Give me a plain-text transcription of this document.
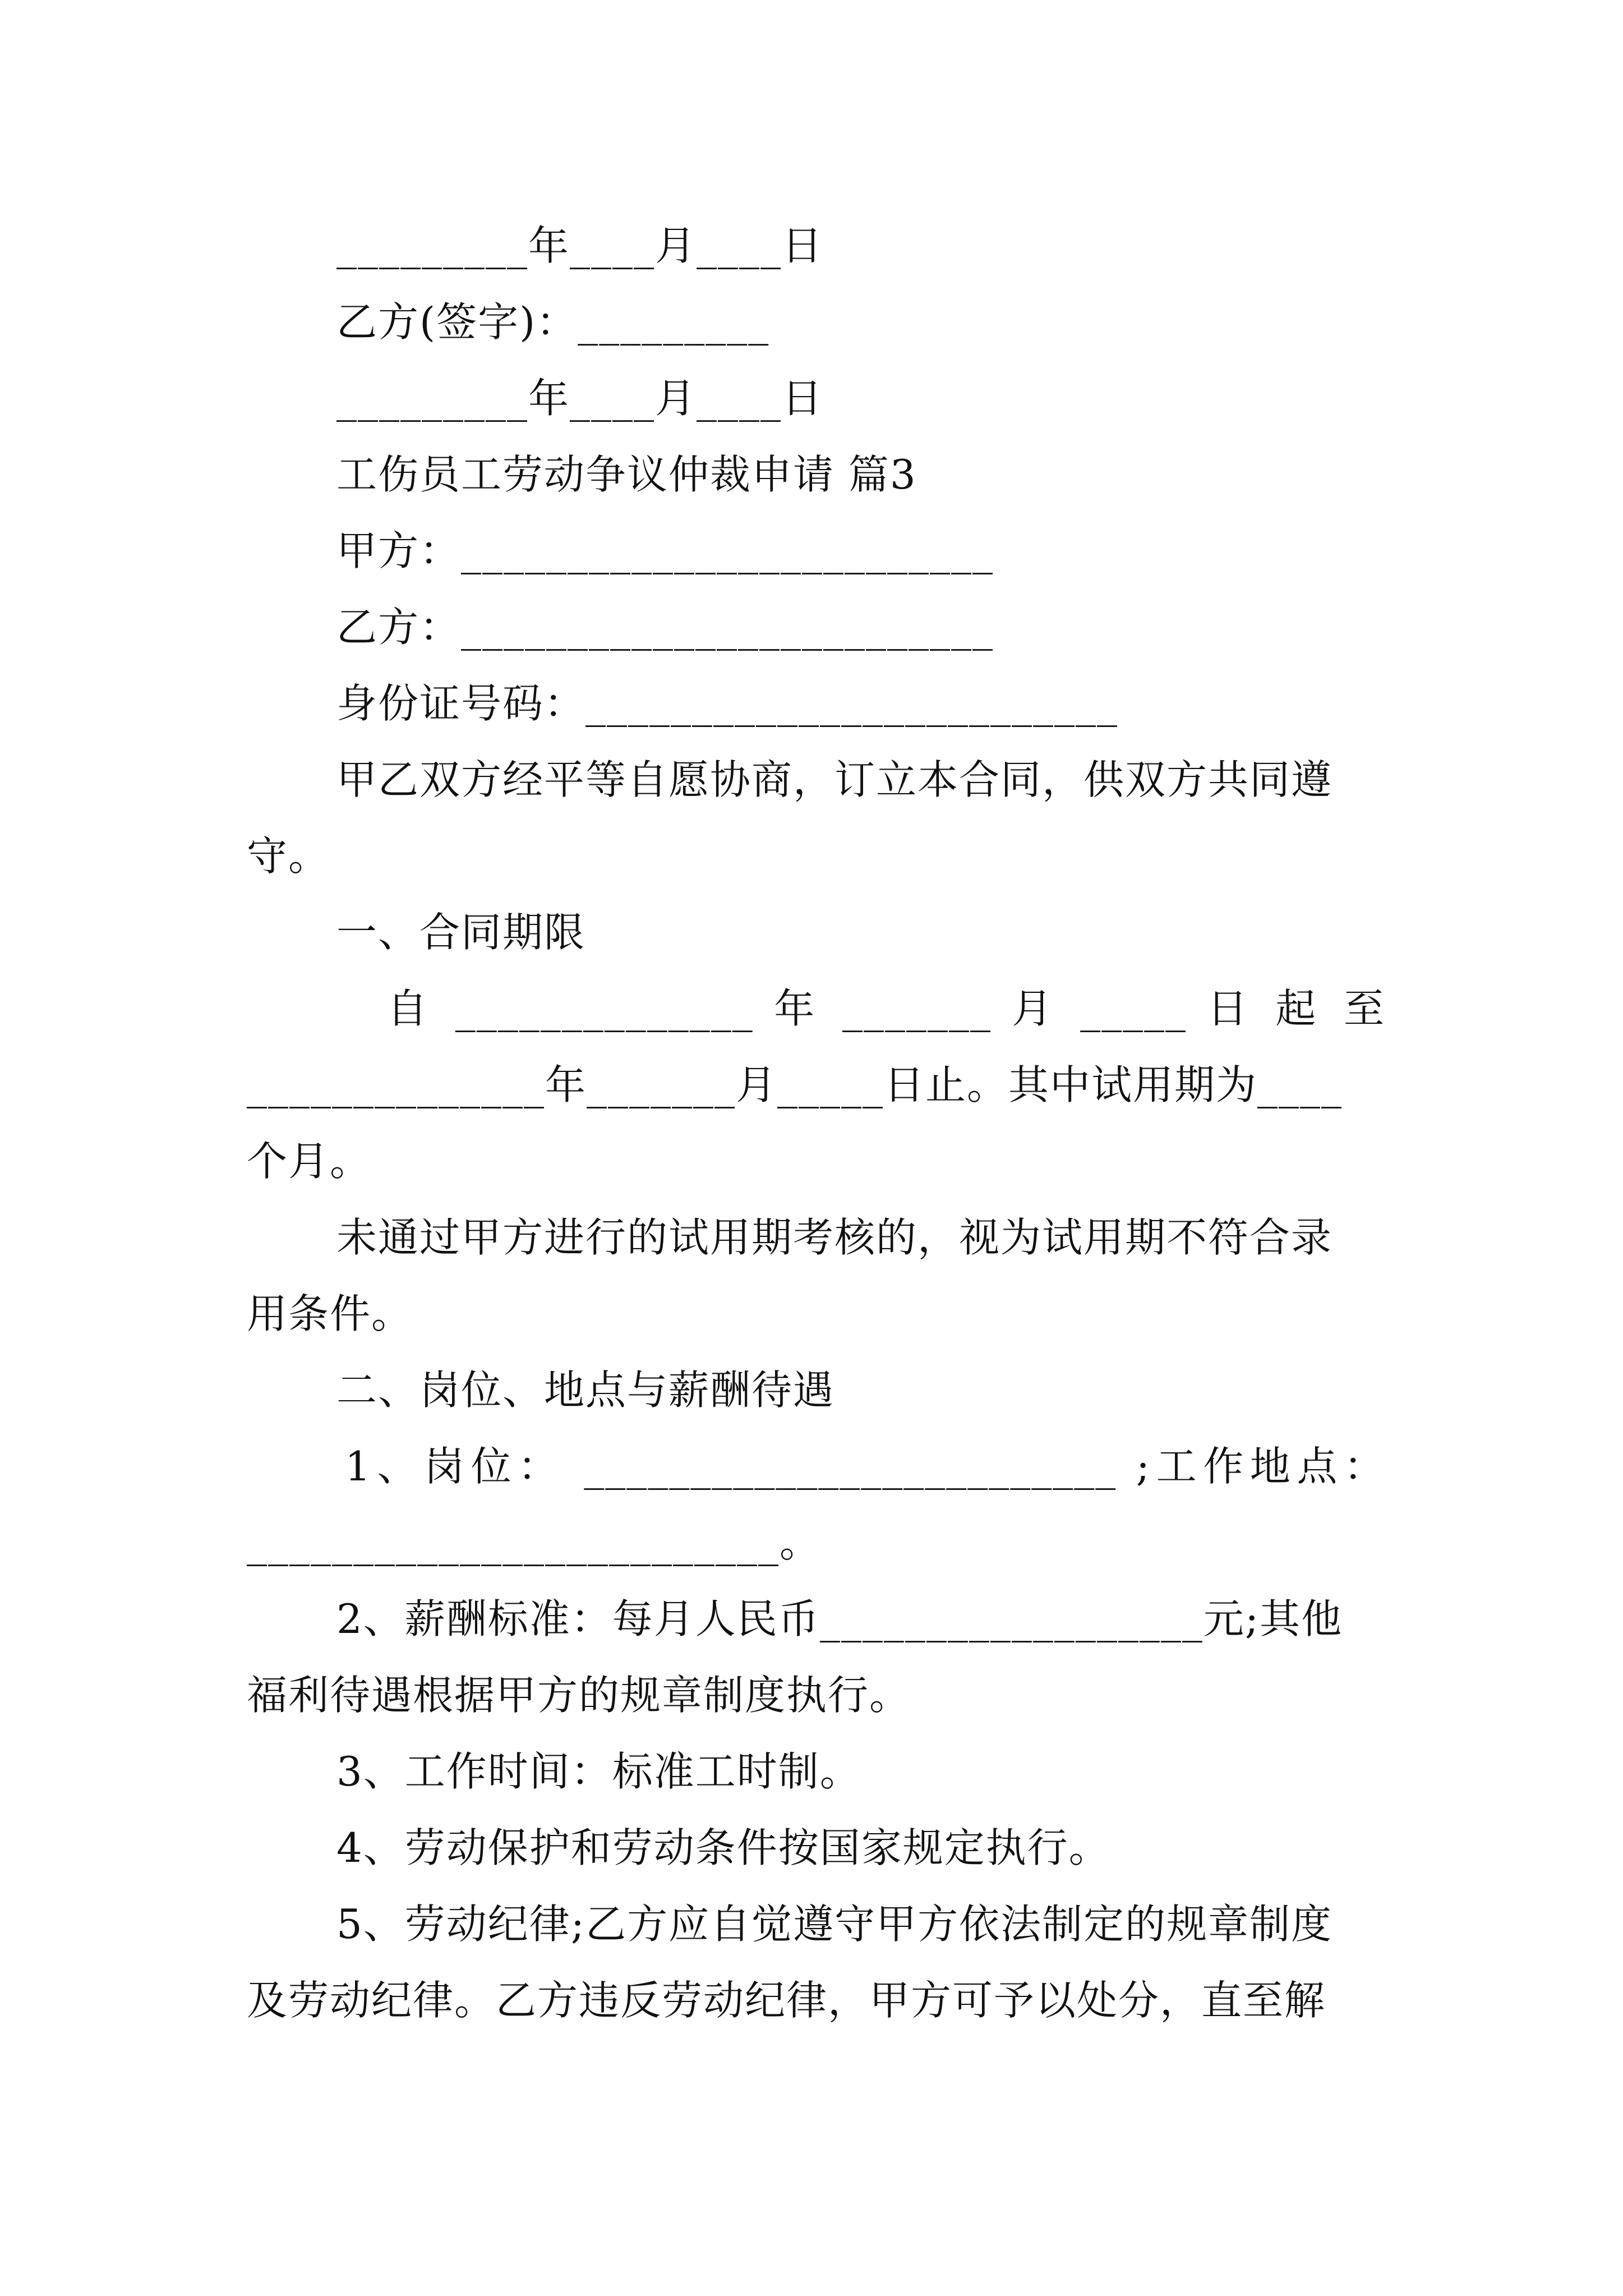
_________年____月____日
乙方(签字)：_________
_________年____月____日
工伤员工劳动争议仲裁申请 篇3
甲方：_________________________
乙方：_________________________
身份证号码：_________________________
甲乙双方经平等自愿协商，订立本合同，供双方共同遵
守。
一、合同期限
自 ______________ 年 _______ 月 _____ 日 起 至
______________年_______月_____日止。其中试用期为____
个月。
未通过甲方进行的试用期考核的，视为试用期不符合录
用条件。
二、岗位、地点与薪酬待遇
1、岗位： _________________________ ;工作地点：
_________________________。
2、薪酬标准：每月人民币__________________元;其他
福利待遇根据甲方的规章制度执行。
3、工作时间：标准工时制。
4、劳动保护和劳动条件按国家规定执行。
5、劳动纪律;乙方应自觉遵守甲方依法制定的规章制度
及劳动纪律。乙方违反劳动纪律，甲方可予以处分，直至解
